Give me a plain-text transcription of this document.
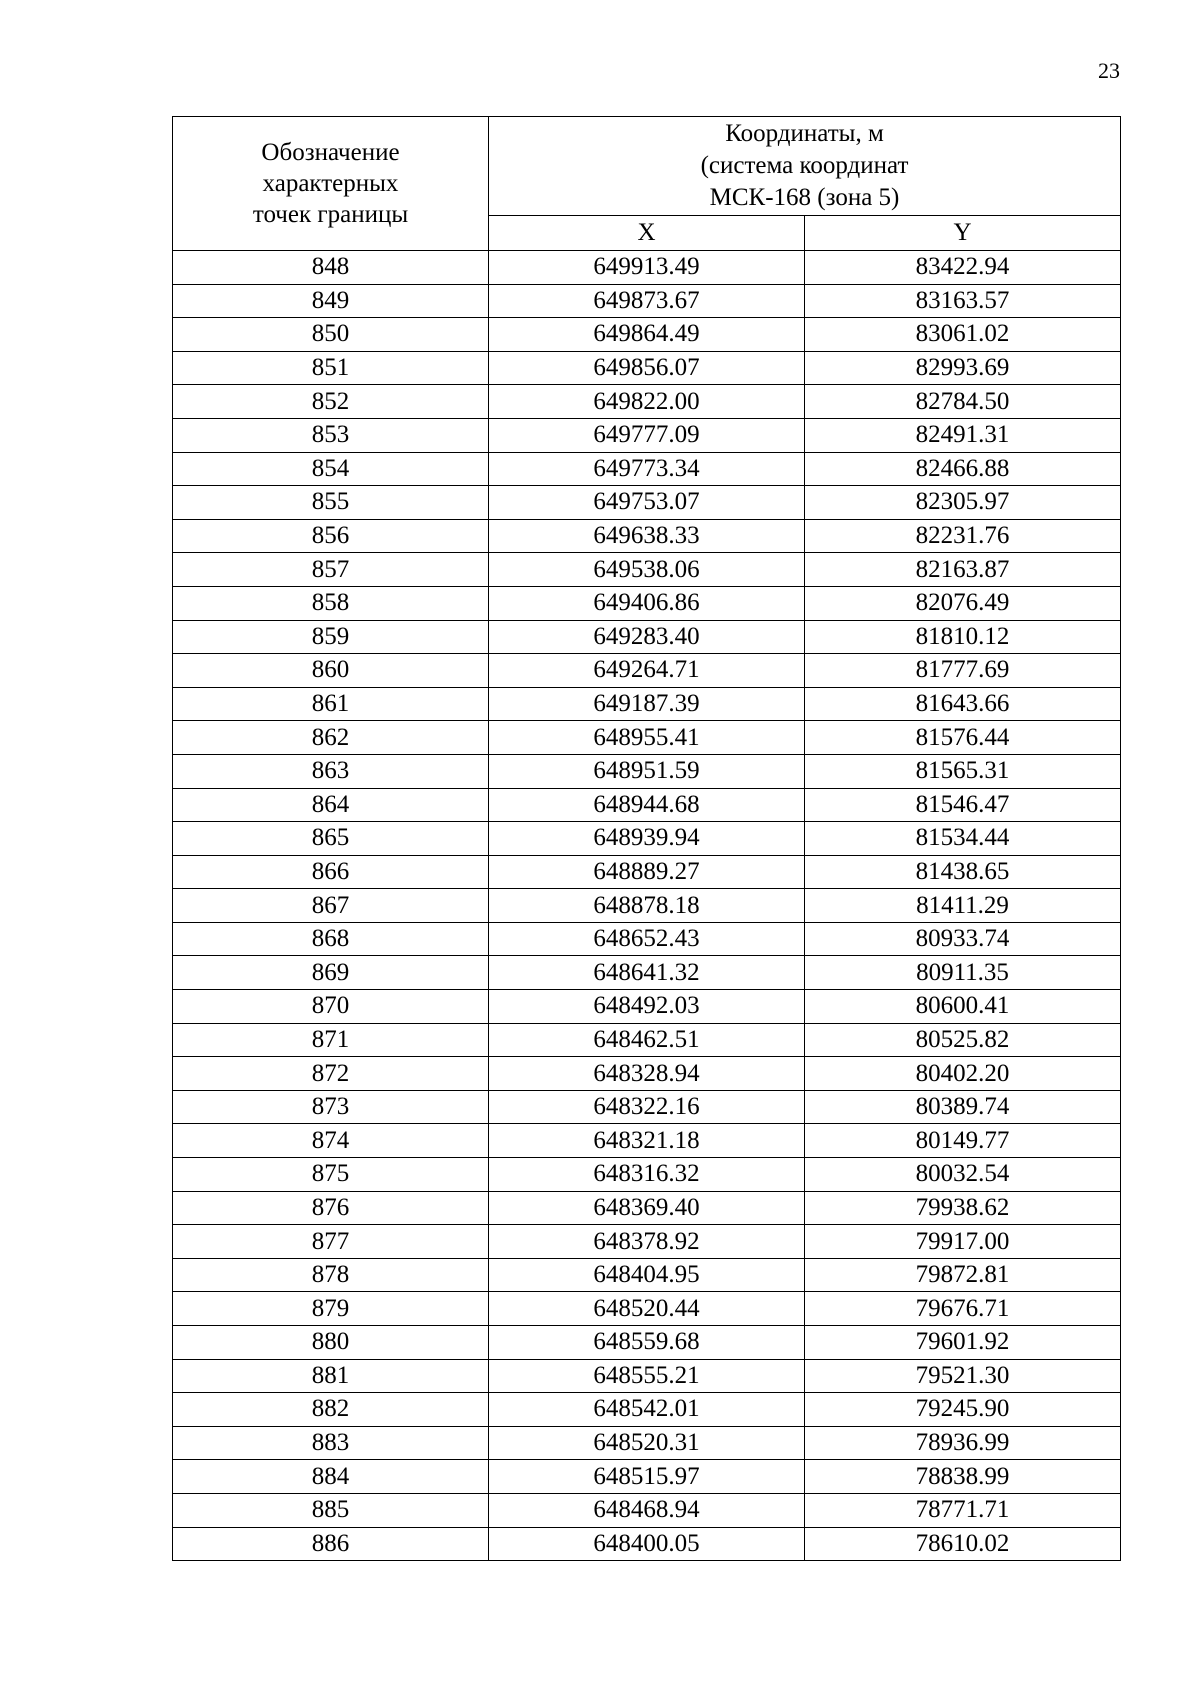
23
Обозначение
характерных
точек границы	Координаты, м
(система координат
МСК-168 (зона 5)	

	X	Y
848	649913.49	83422.94
849	649873.67	83163.57
850	649864.49	83061.02
851	649856.07	82993.69
852	649822.00	82784.50
853	649777.09	82491.31
854	649773.34	82466.88
855	649753.07	82305.97
856	649638.33	82231.76
857	649538.06	82163.87
858	649406.86	82076.49
859	649283.40	81810.12
860	649264.71	81777.69
861	649187.39	81643.66
862	648955.41	81576.44
863	648951.59	81565.31
864	648944.68	81546.47
865	648939.94	81534.44
866	648889.27	81438.65
867	648878.18	81411.29
868	648652.43	80933.74
869	648641.32	80911.35
870	648492.03	80600.41
871	648462.51	80525.82
872	648328.94	80402.20
873	648322.16	80389.74
874	648321.18	80149.77
875	648316.32	80032.54
876	648369.40	79938.62
877	648378.92	79917.00
878	648404.95	79872.81
879	648520.44	79676.71
880	648559.68	79601.92
881	648555.21	79521.30
882	648542.01	79245.90
883	648520.31	78936.99
884	648515.97	78838.99
885	648468.94	78771.71
886	648400.05	78610.02
